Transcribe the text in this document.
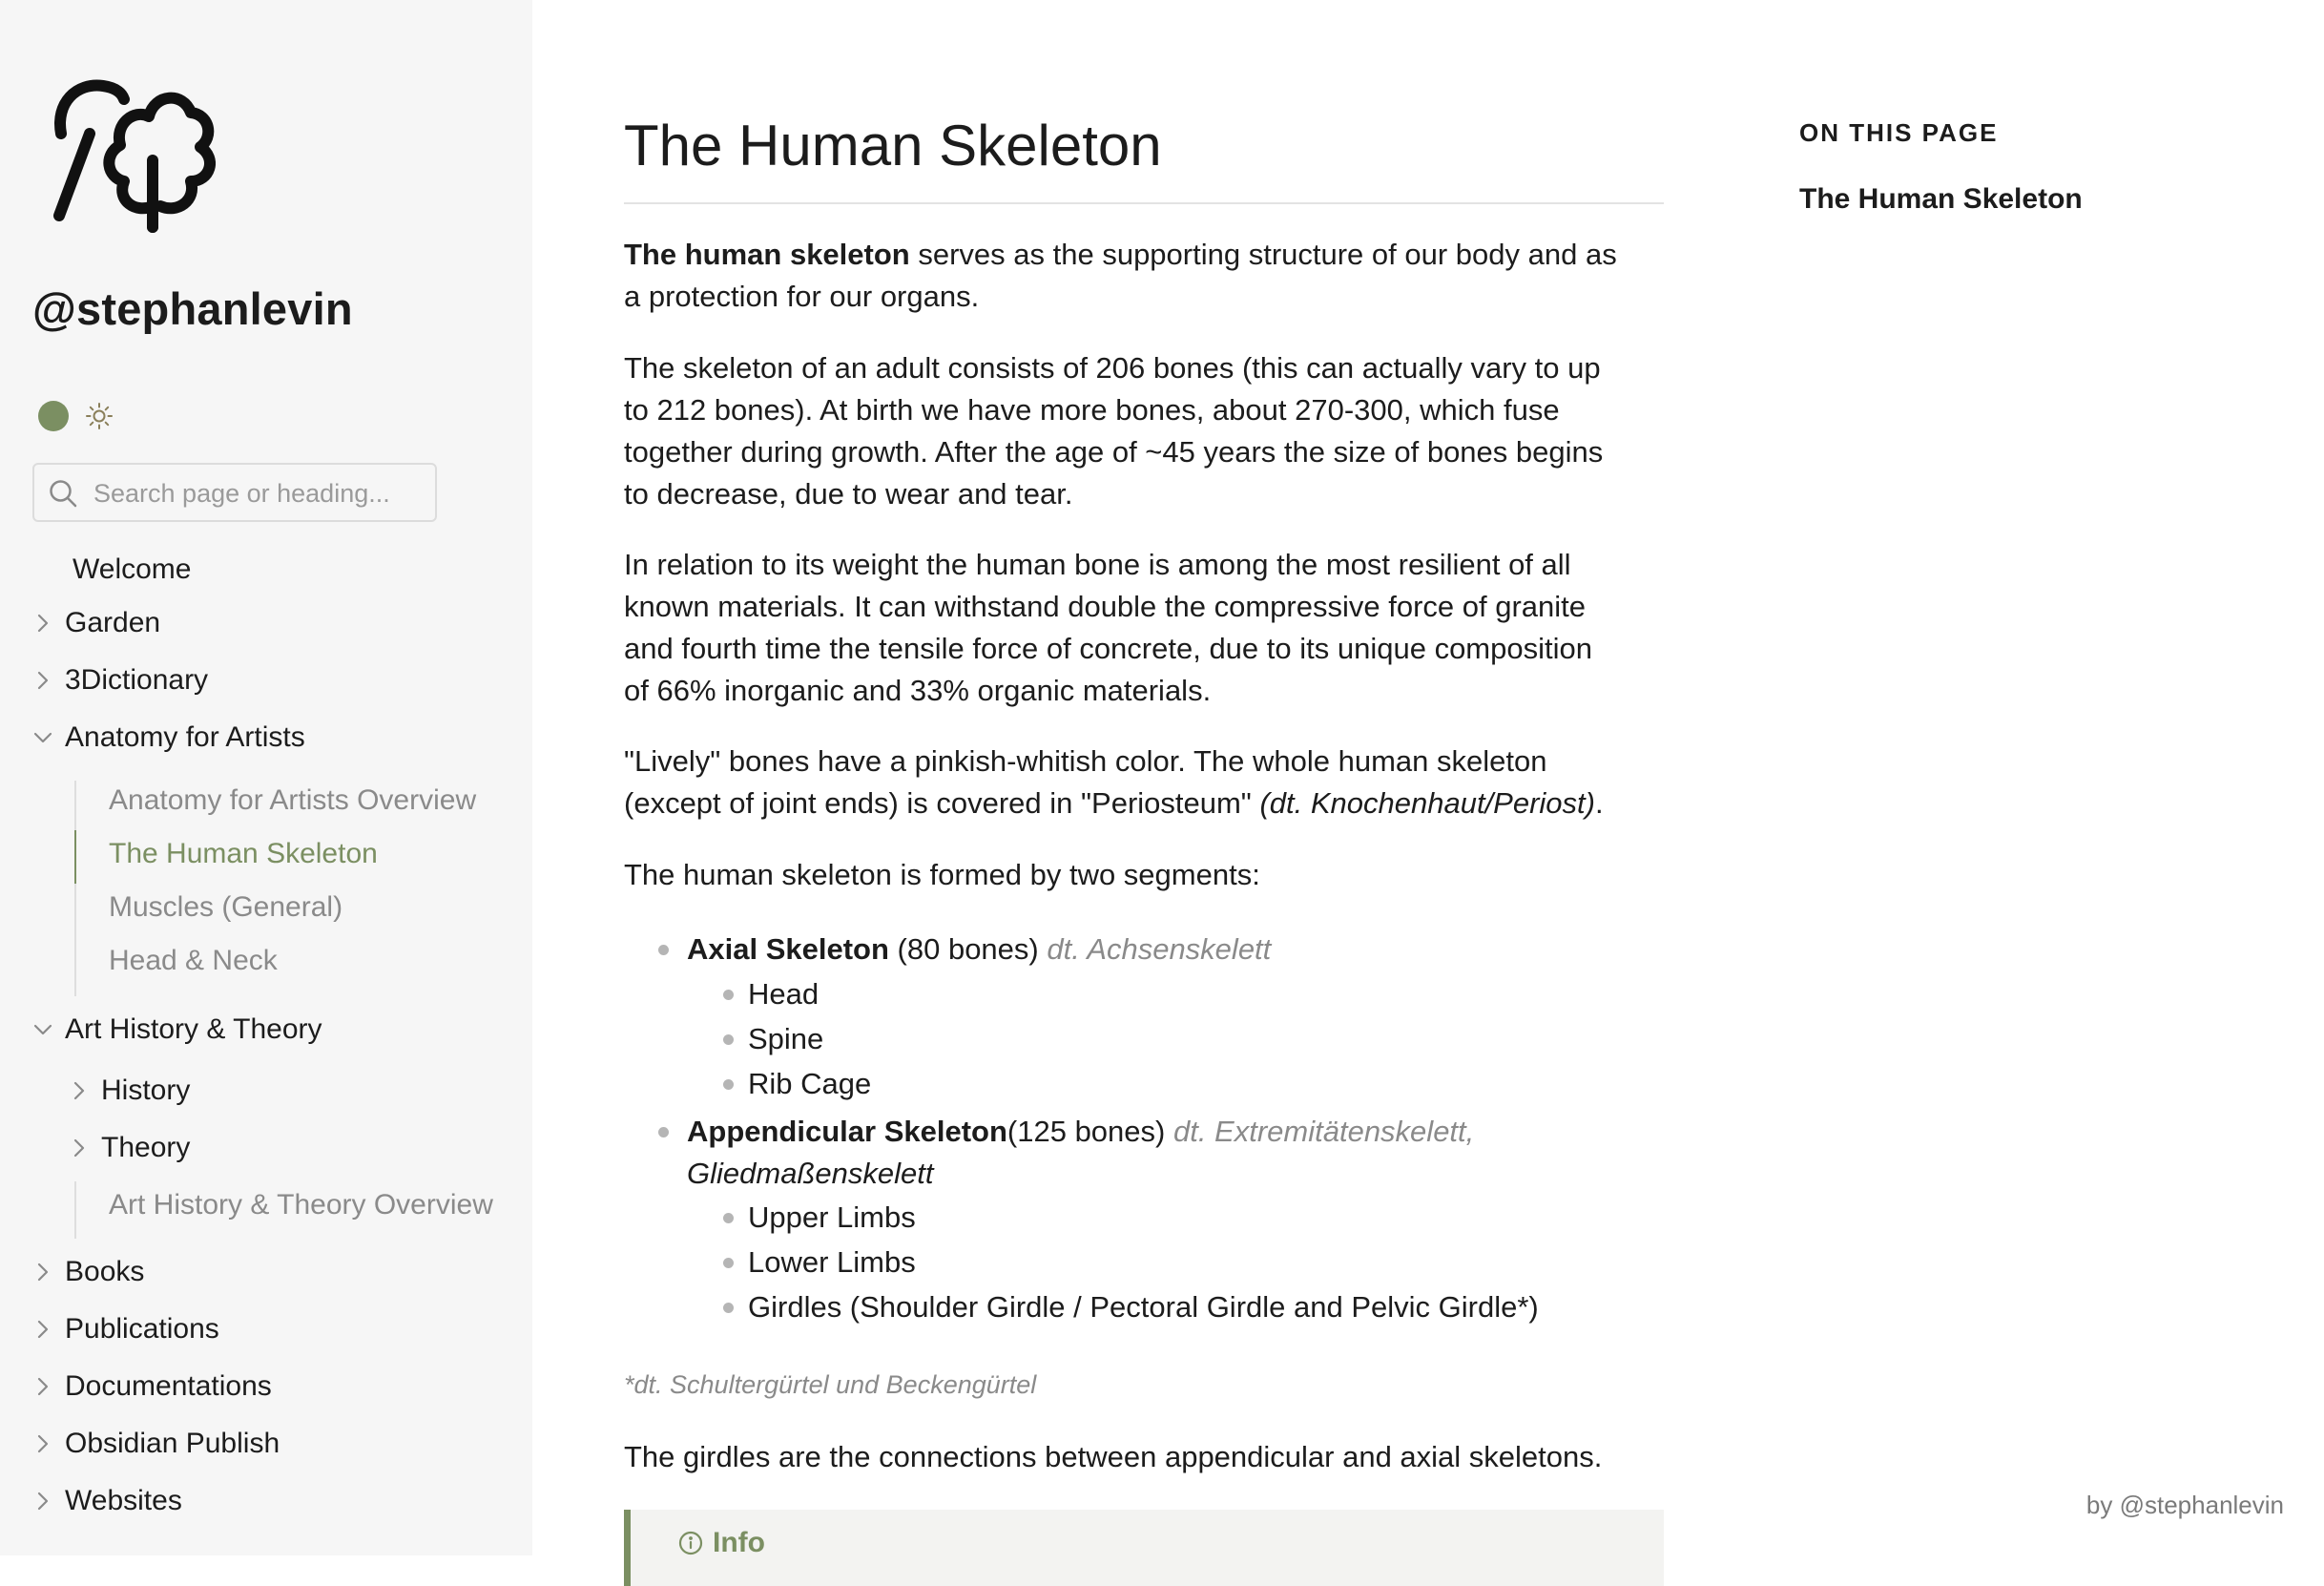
@stephanlevin
Search page or heading...
Welcome
Garden
3Dictionary
Anatomy for Artists
Anatomy for Artists Overview
The Human Skeleton
Muscles (General)
Head & Neck
Art History & Theory
History
Theory
Art History & Theory Overview
Books
Publications
Documentations
Obsidian Publish
Websites
The Human Skeleton

The human skeleton serves as the supporting structure of our body and as
a protection for our organs.

The skeleton of an adult consists of 206 bones (this can actually vary to up
to 212 bones). At birth we have more bones, about 270-300, which fuse
together during growth. After the age of ~45 years the size of bones begins
to decrease, due to wear and tear.

In relation to its weight the human bone is among the most resilient of all
known materials. It can withstand double the compressive force of granite
and fourth time the tensile force of concrete, due to its unique composition
of 66% inorganic and 33% organic materials.

"Lively" bones have a pinkish-whitish color. The whole human skeleton
(except of joint ends) is covered in "Periosteum" (dt. Knochenhaut/Periost).

The human skeleton is formed by two segments:

Axial Skeleton (80 bones) dt. Achsenskelett
Head
Spine
Rib Cage
Appendicular Skeleton(125 bones) dt. Extremitätenskelett,
Gliedmaßenskelett
Upper Limbs
Lower Limbs
Girdles (Shoulder Girdle / Pectoral Girdle and Pelvic Girdle*)
*dt. Schultergürtel und Beckengürtel

The girdles are the connections between appendicular and axial skeletons.

Info
ON THIS PAGE
The Human Skeleton
by @stephanlevin
